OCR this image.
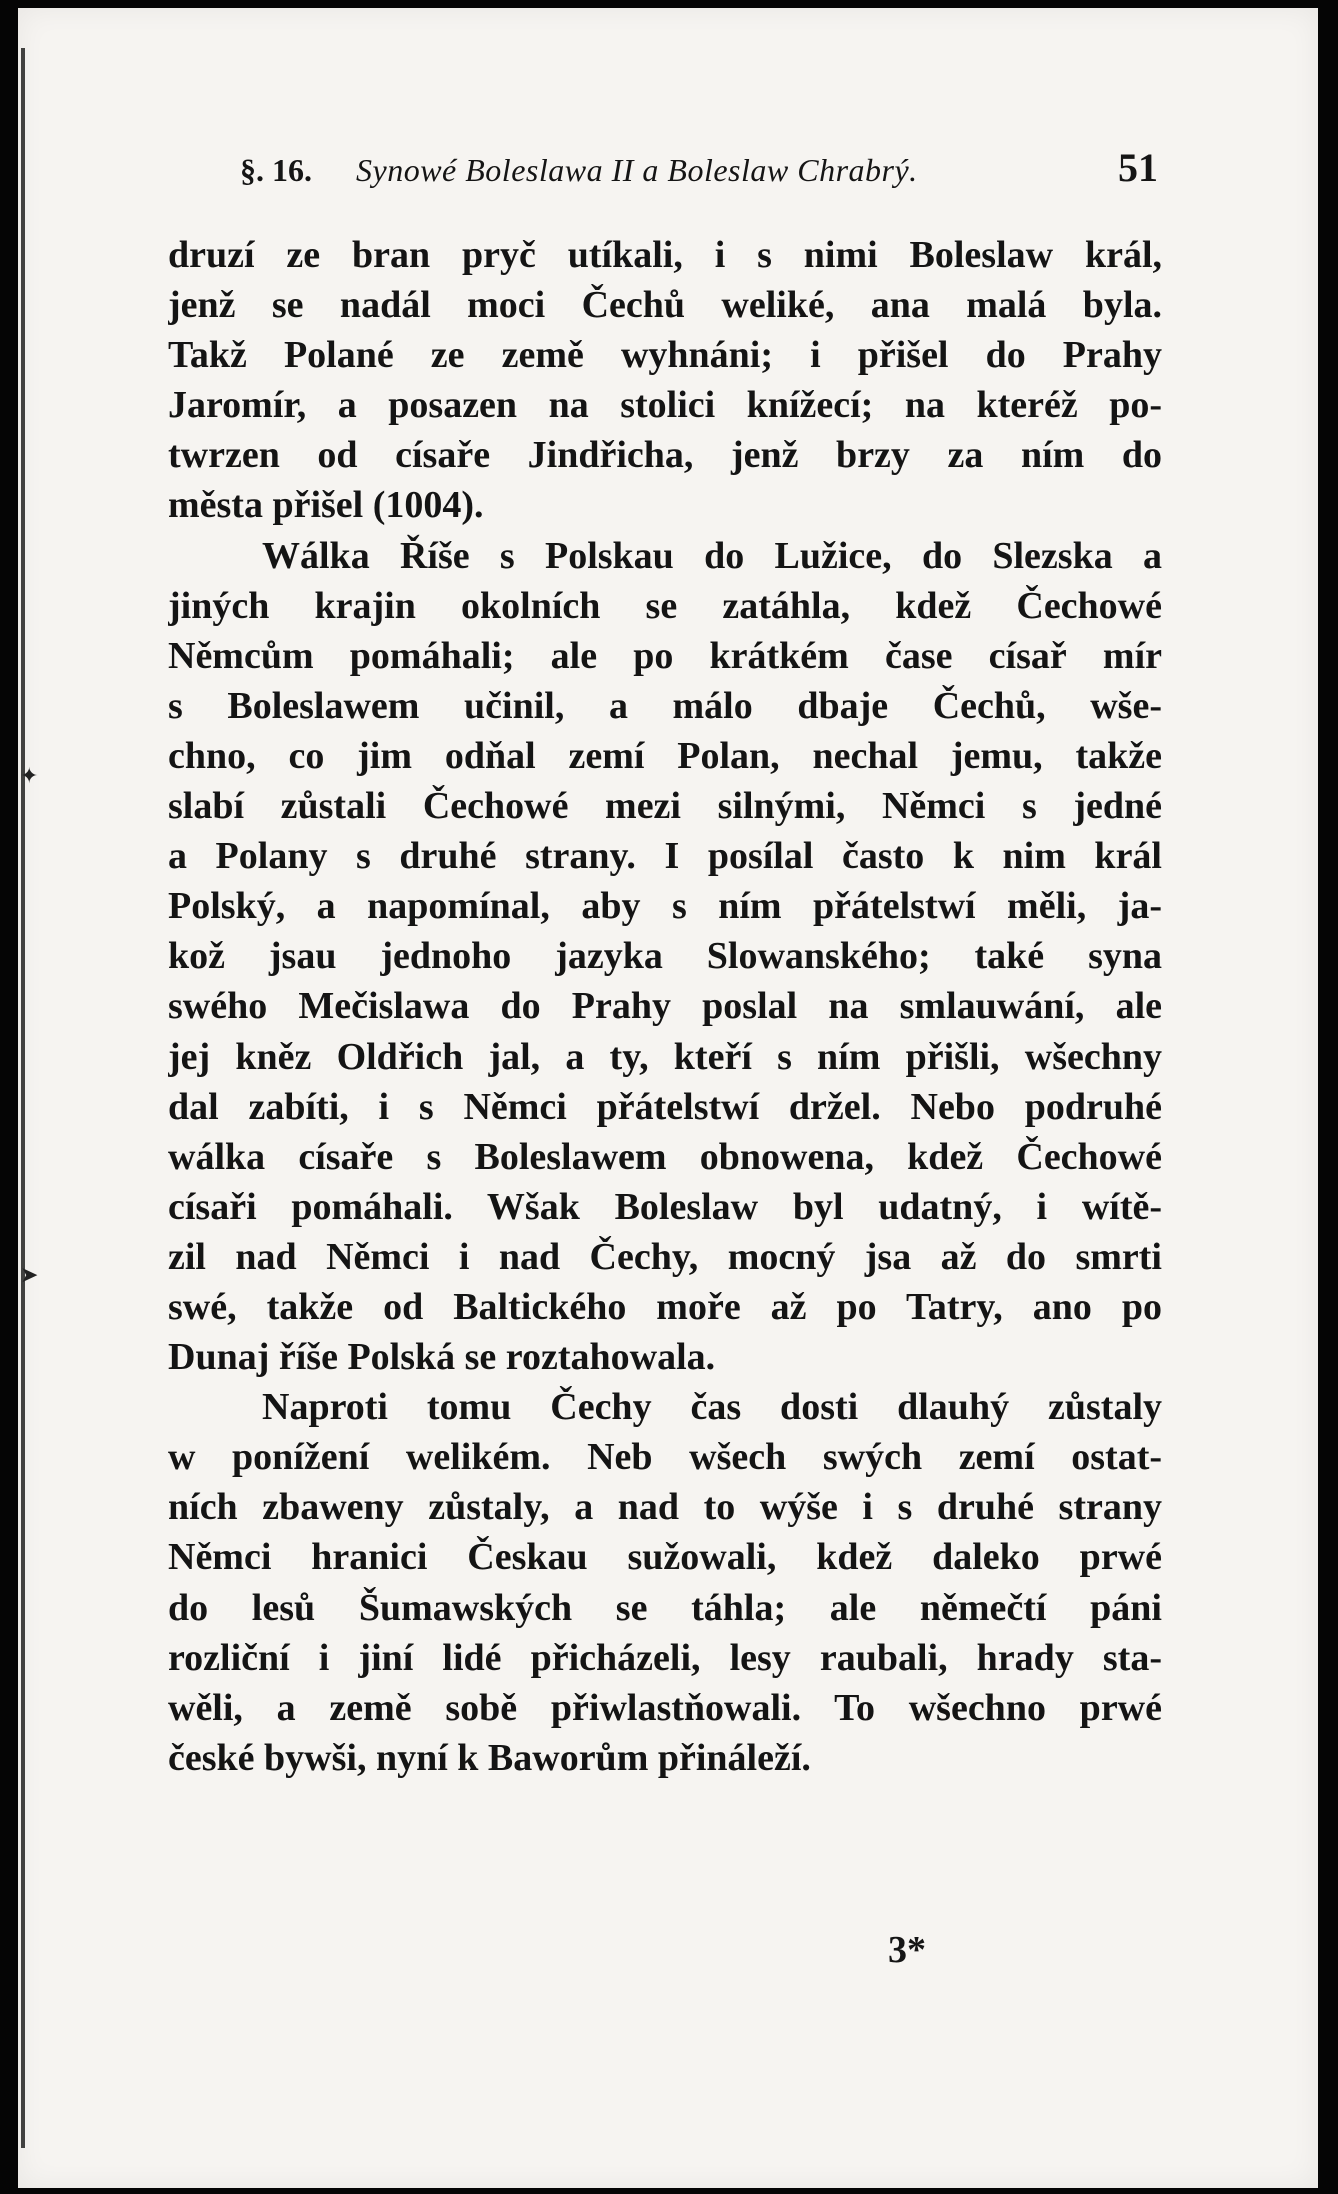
§. 16. Synowé Boleslawa II a Boleslaw Chrabrý.	51
druzí ze bran pryč utíkali, i s nimi Boleslaw král,
jenž se nadál moci Čechů weliké, ana malá byla.
Takž Polané ze země wyhnáni; i přišel do Prahy
Jaromír, a posazen na stolici knížecí; na kteréž po-
twrzen od císaře Jindřicha, jenž brzy za ním do
města přišel (1004).
Wálka Říše s Polskau do Lužice, do Slezska a
jiných krajin okolních se zatáhla, kdež Čechowé
Němcům pomáhali; ale po krátkém čase císař mír
s Boleslawem učinil, a málo dbaje Čechů, wše-
chno, co jim odňal zemí Polan, nechal jemu, takže
slabí zůstali Čechowé mezi silnými, Němci s jedné
a Polany s druhé strany. I posílal často k nim král
Polský, a napomínal, aby s ním přátelstwí měli, ja-
kož jsau jednoho jazyka Slowanského; také syna
swého Mečislawa do Prahy poslal na smlauwání, ale
jej kněz Oldřich jal, a ty, kteří s ním přišli, wšechny
dal zabíti, i s Němci přátelstwí držel. Nebo podruhé
wálka císaře s Boleslawem obnowena, kdež Čechowé
císaři pomáhali. Wšak Boleslaw byl udatný, i wítě-
zil nad Němci i nad Čechy, mocný jsa až do smrti
swé, takže od Baltického moře až po Tatry, ano po
Dunaj říše Polská se roztahowala.
Naproti tomu Čechy čas dosti dlauhý zůstaly
w ponížení welikém. Neb wšech swých zemí ostat-
ních zbaweny zůstaly, a nad to wýše i s druhé strany
Němci hranici Českau sužowali, kdež daleko prwé
do lesů Šumawských se táhla; ale němečtí páni
rozliční i jiní lidé přicházeli, lesy raubali, hrady sta-
wěli, a země sobě přiwlastňowali. To wšechno prwé
české bywši, nyní k Baworům přináleží.
3*
✦
➤
